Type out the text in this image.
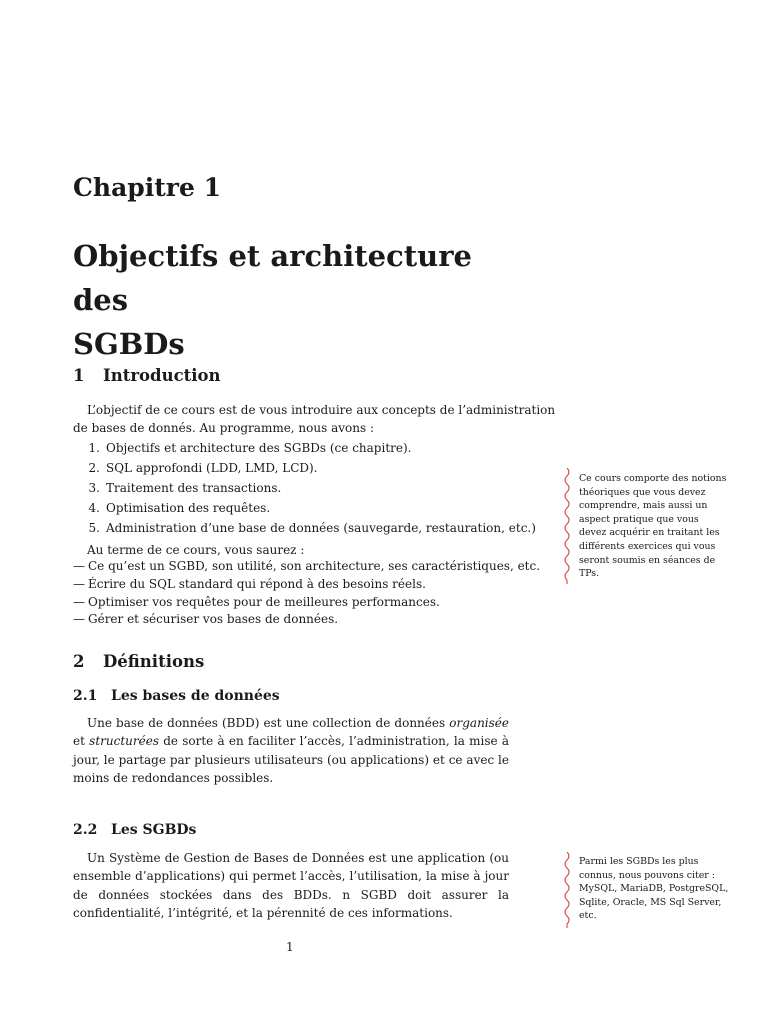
Chapitre 1
Objectifs et architecture des
SGBDs
1 Introduction
L’objectif de ce cours est de vous introduire aux concepts de l’administration
de bases de donnés. Au programme, nous avons :
1. Objectifs et architecture des SGBDs (ce chapitre).
2. SQL approfondi (LDD, LMD, LCD).
3. Traitement des transactions.
4. Optimisation des requêtes.
5. Administration d’une base de données (sauvegarde, restauration, etc.)
Au terme de ce cours, vous saurez :
— Ce qu’est un SGBD, son utilité, son architecture, ses caractéristiques, etc.
— Écrire du SQL standard qui répond à des besoins réels.
— Optimiser vos requêtes pour de meilleures performances.
— Gérer et sécuriser vos bases de données.
Ce cours comporte des notions théoriques que vous devez comprendre, mais aussi un aspect pratique que vous devez acquérir en traitant les différents exercices qui vous seront soumis en séances de TPs.
2 Définitions
2.1 Les bases de données

Une base de données (BDD) est une collection de données organisée et structurées de sorte à en faciliter l’accès, l’administration, la mise à jour, le partage par plusieurs utilisateurs (ou applications) et ce avec le moins de redondances possibles.

2.2 Les SGBDs

Un Système de Gestion de Bases de Données est une application (ou ensemble d’applications) qui permet l’accès, l’utilisation, la mise à jour de données stockées dans des BDDs. n SGBD doit assurer la confidentialité, l’intégrité, et la pérennité de ces informations.

Parmi les SGBDs les plus connus, nous pouvons citer : MySQL, MariaDB, PostgreSQL, Sqlite, Oracle, MS Sql Server, etc.
1
